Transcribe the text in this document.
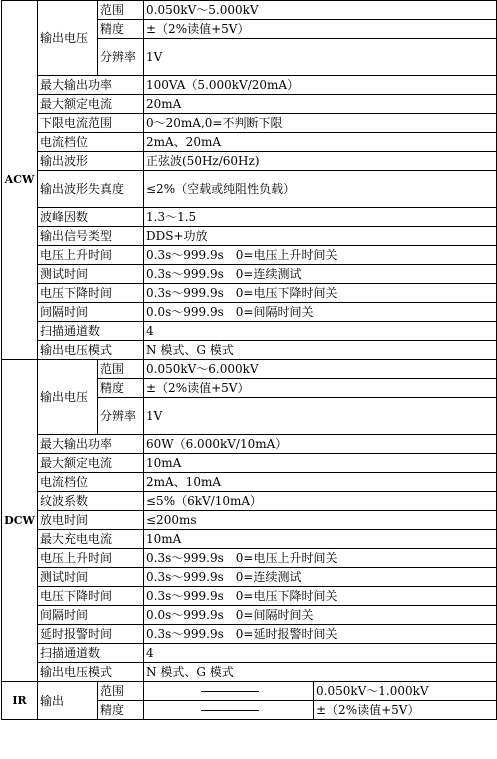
ACW	输出电压	范围	0.050kV～5.000kV	
		精度	±（2%读值+5V）	
		分辨率	1V	
	最大输出功率		100VA（5.000kV/20mA）	
	最大额定电流		20mA	
	下限电流范围		0～20mA,0=不判断下限	
	电流档位		2mA、20mA	
	输出波形		正弦波(50Hz/60Hz)	
	输出波形失真度		≤2%（空载或纯阻性负载）	
	波峰因数		1.3～1.5	
	输出信号类型		DDS+功放	
	电压上升时间		0.3s～999.9s　0=电压上升时间关	
	测试时间		0.3s～999.9s　0=连续测试	
	电压下降时间		0.3s～999.9s　0=电压下降时间关	
	间隔时间		0.0s～999.9s　0=间隔时间关	
	扫描通道数		4	
	输出电压模式		N 模式、G 模式	
DCW	输出电压	范围	0.050kV～6.000kV	
		精度	±（2%读值+5V）	
		分辨率	1V	
	最大输出功率		60W（6.000kV/10mA）	
	最大额定电流		10mA	
	电流档位		2mA、10mA	
	纹波系数		≤5%（6kV/10mA）	
	放电时间		≤200ms	
	最大充电电流		10mA	
	电压上升时间		0.3s～999.9s　0=电压上升时间关	
	测试时间		0.3s～999.9s　0=连续测试	
	电压下降时间		0.3s～999.9s　0=电压下降时间关	
	间隔时间		0.0s～999.9s　0=间隔时间关	
	延时报警时间		0.3s～999.9s　0=延时报警时间关	
	扫描通道数		4	
	输出电压模式		N 模式、G 模式	
IR	输出	范围		0.050kV～1.000kV
		精度		±（2%读值+5V）
